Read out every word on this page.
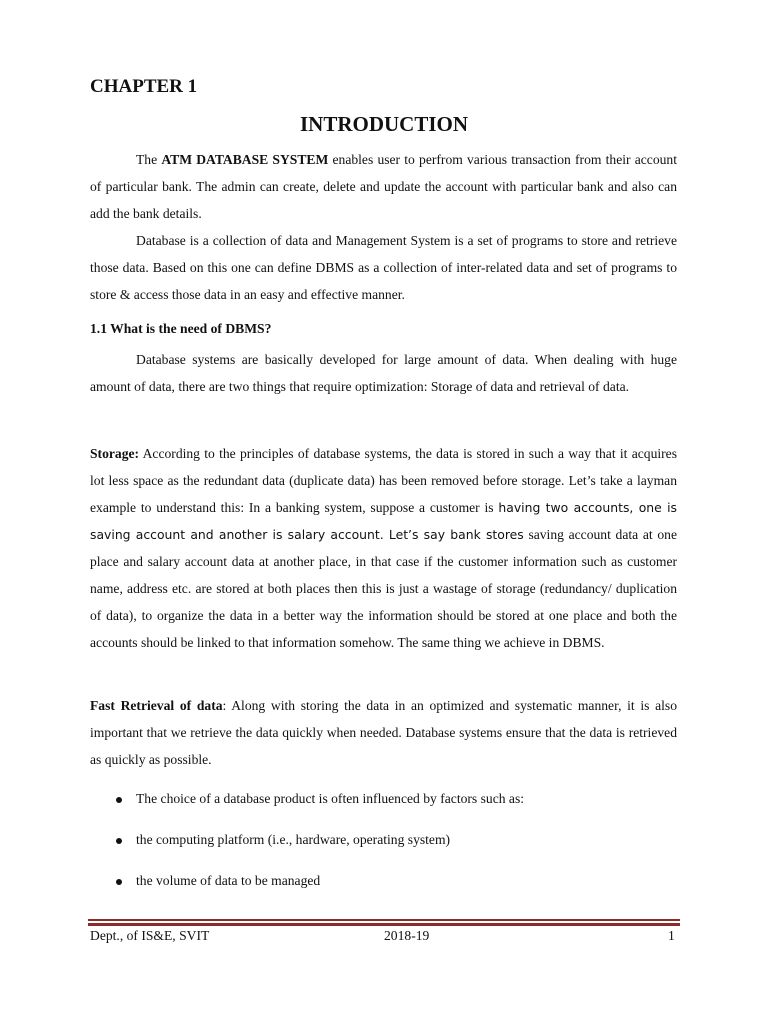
CHAPTER 1
INTRODUCTION

The ATM DATABASE SYSTEM enables user to perfrom various transaction from their account of particular bank. The admin can create, delete and update the account with particular bank and also can add the bank details.

Database is a collection of data and Management System is a set of programs to store and retrieve those data. Based on this one can define DBMS as a collection of inter-related data and set of programs to store & access those data in an easy and effective manner.

1.1 What is the need of DBMS?

Database systems are basically developed for large amount of data. When dealing with huge amount of data, there are two things that require optimization: Storage of data and retrieval of data.

Storage: According to the principles of database systems, the data is stored in such a way that it acquires lot less space as the redundant data (duplicate data) has been removed before storage. Let’s take a layman example to understand this: In a banking system, suppose a customer is having two accounts, one is saving account and another is salary account. Let’s say bank stores saving account data at one place and salary account data at another place, in that case if the customer information such as customer name, address etc. are stored at both places then this is just a wastage of storage (redundancy/ duplication of data), to organize the data in a better way the information should be stored at one place and both the accounts should be linked to that information somehow. The same thing we achieve in DBMS.

Fast Retrieval of data: Along with storing the data in an optimized and systematic manner, it is also important that we retrieve the data quickly when needed. Database systems ensure that the data is retrieved as quickly as possible.

The choice of a database product is often influenced by factors such as:
the computing platform (i.e., hardware, operating system)
the volume of data to be managed

Dept., of IS&E, SVIT	2018-19	1
